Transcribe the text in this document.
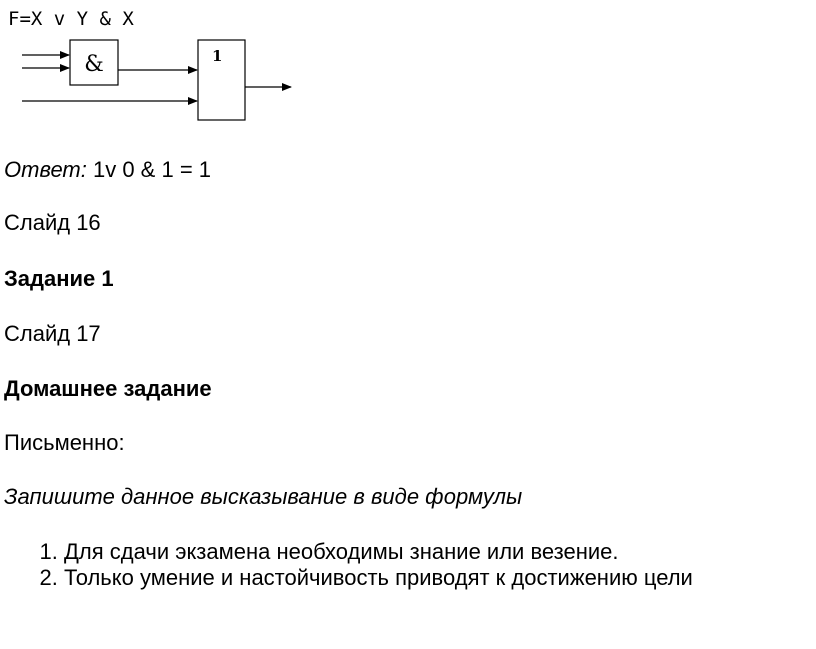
F=X v Y & X
&	1

Ответ: 1v 0 & 1 = 1

Слайд 16

Задание 1

Слайд 17

Домашнее задание

Письменно:

Запишите данное высказывание в виде формулы

1. Для сдачи экзамена необходимы знание или везение.
2. Только умение и настойчивость приводят к достижению цели
